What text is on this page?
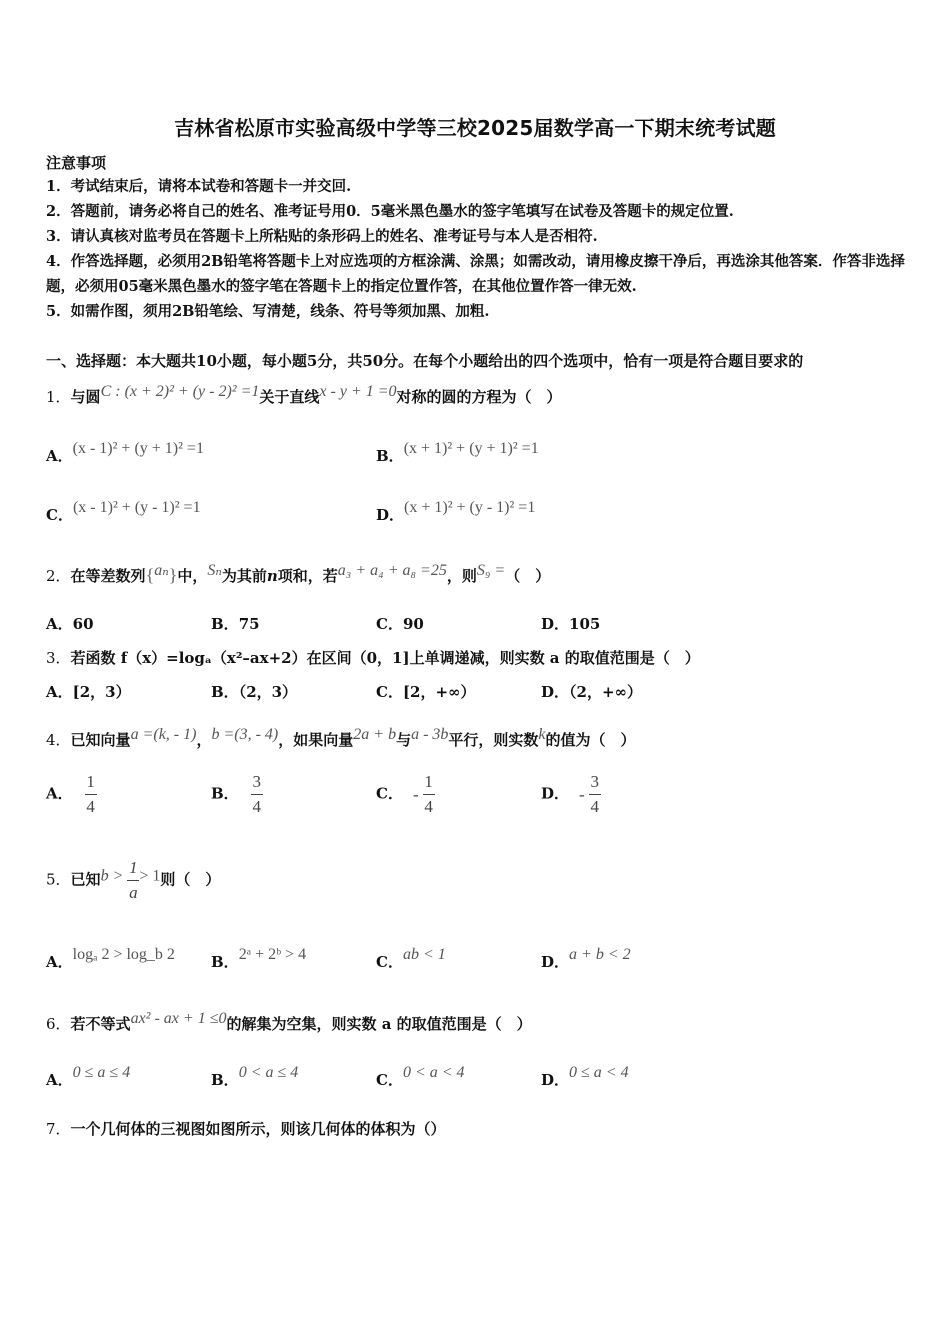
吉林省松原市实验高级中学等三校2025届数学高一下期末统考试题
注意事项
1．考试结束后，请将本试卷和答题卡一并交回.
2．答题前，请务必将自己的姓名、准考证号用0．5毫米黑色墨水的签字笔填写在试卷及答题卡的规定位置.
3．请认真核对监考员在答题卡上所粘贴的条形码上的姓名、准考证号与本人是否相符.
4．作答选择题，必须用2B铅笔将答题卡上对应选项的方框涂满、涂黑；如需改动，请用橡皮擦干净后，再选涂其他答案．作答非选择题，必须用05毫米黑色墨水的签字笔在答题卡上的指定位置作答，在其他位置作答一律无效.
5．如需作图，须用2B铅笔绘、写清楚，线条、符号等须加黑、加粗.
一、选择题：本大题共10小题，每小题5分，共50分。在每个小题给出的四个选项中，恰有一项是符合题目要求的
1．与圆C : (x + 2)² + (y - 2)² =1关于直线x - y + 1 =0对称的圆的方程为（　）
A．(x - 1)² + (y + 1)² =1	B．(x + 1)² + (y + 1)² =1
C．(x - 1)² + (y - 1)² =1	D．(x + 1)² + (y - 1)² =1
2．在等差数列{aₙ}中，Sₙ为其前n项和，若a₃ + a₄ + a₈ =25，则S₉ =（　）
A．60	B．75	C．90	D．105
3．若函数 f（x）=logₐ（x²–ax+2）在区间（0，1]上单调递减，则实数 a 的取值范围是（　）
A．[2，3）	B．（2，3）	C．[2，+∞）	D．（2，+∞）
4．已知向量a =(k, - 1)，b =(3, - 4)，如果向量2a + b与a - 3b平行，则实数k的值为（　）
A． $\frac{1}{4}$	B． $\frac{3}{4}$	C． - $\frac{1}{4}$	D． - $\frac{3}{4}$
5．已知$b > \frac{1}{a} > 1$则（　）
A．logₐ 2 > log_b 2 B．2ᵃ + 2ᵇ > 4	C．ab < 1	D．a + b < 2
6．若不等式ax² - ax + 1 ≤0的解集为空集，则实数 a 的取值范围是（　）
A．0 ≤ a ≤ 4	B．0 < a ≤ 4	C．0 < a < 4	D．0 ≤ a < 4
7．一个几何体的三视图如图所示，则该几何体的体积为（）
